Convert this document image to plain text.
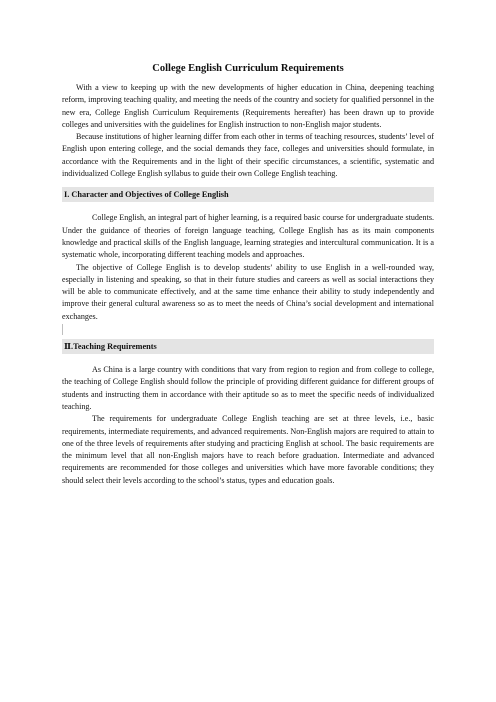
College English Curriculum Requirements

With a view to keeping up with the new developments of higher education in China, deepening teaching reform, improving teaching quality, and meeting the needs of the country and society for qualified personnel in the new era, College English Curriculum Requirements (Requirements hereafter) has been drawn up to provide colleges and universities with the guidelines for English instruction to non-English major students.

Because institutions of higher learning differ from each other in terms of teaching resources, students’ level of English upon entering college, and the social demands they face, colleges and universities should formulate, in accordance with the Requirements and in the light of their specific circumstances, a scientific, systematic and individualized College English syllabus to guide their own College English teaching.

I. Character and Objectives of College English

College English, an integral part of higher learning, is a required basic course for undergraduate students. Under the guidance of theories of foreign language teaching, College English has as its main components knowledge and practical skills of the English language, learning strategies and intercultural communication. It is a systematic whole, incorporating different teaching models and approaches.

The objective of College English is to develop students’ ability to use English in a well-rounded way, especially in listening and speaking, so that in their future studies and careers as well as social interactions they will be able to communicate effectively, and at the same time enhance their ability to study independently and improve their general cultural awareness so as to meet the needs of China’s social development and international exchanges.

Ⅱ.Teaching Requirements

As China is a large country with conditions that vary from region to region and from college to college, the teaching of College English should follow the principle of providing different guidance for different groups of students and instructing them in accordance with their aptitude so as to meet the specific needs of individualized teaching.

The requirements for undergraduate College English teaching are set at three levels, i.e., basic requirements, intermediate requirements, and advanced requirements. Non-English majors are required to attain to one of the three levels of requirements after studying and practicing English at school. The basic requirements are the minimum level that all non-English majors have to reach before graduation. Intermediate and advanced requirements are recommended for those colleges and universities which have more favorable conditions; they should select their levels according to the school’s status, types and education goals.
